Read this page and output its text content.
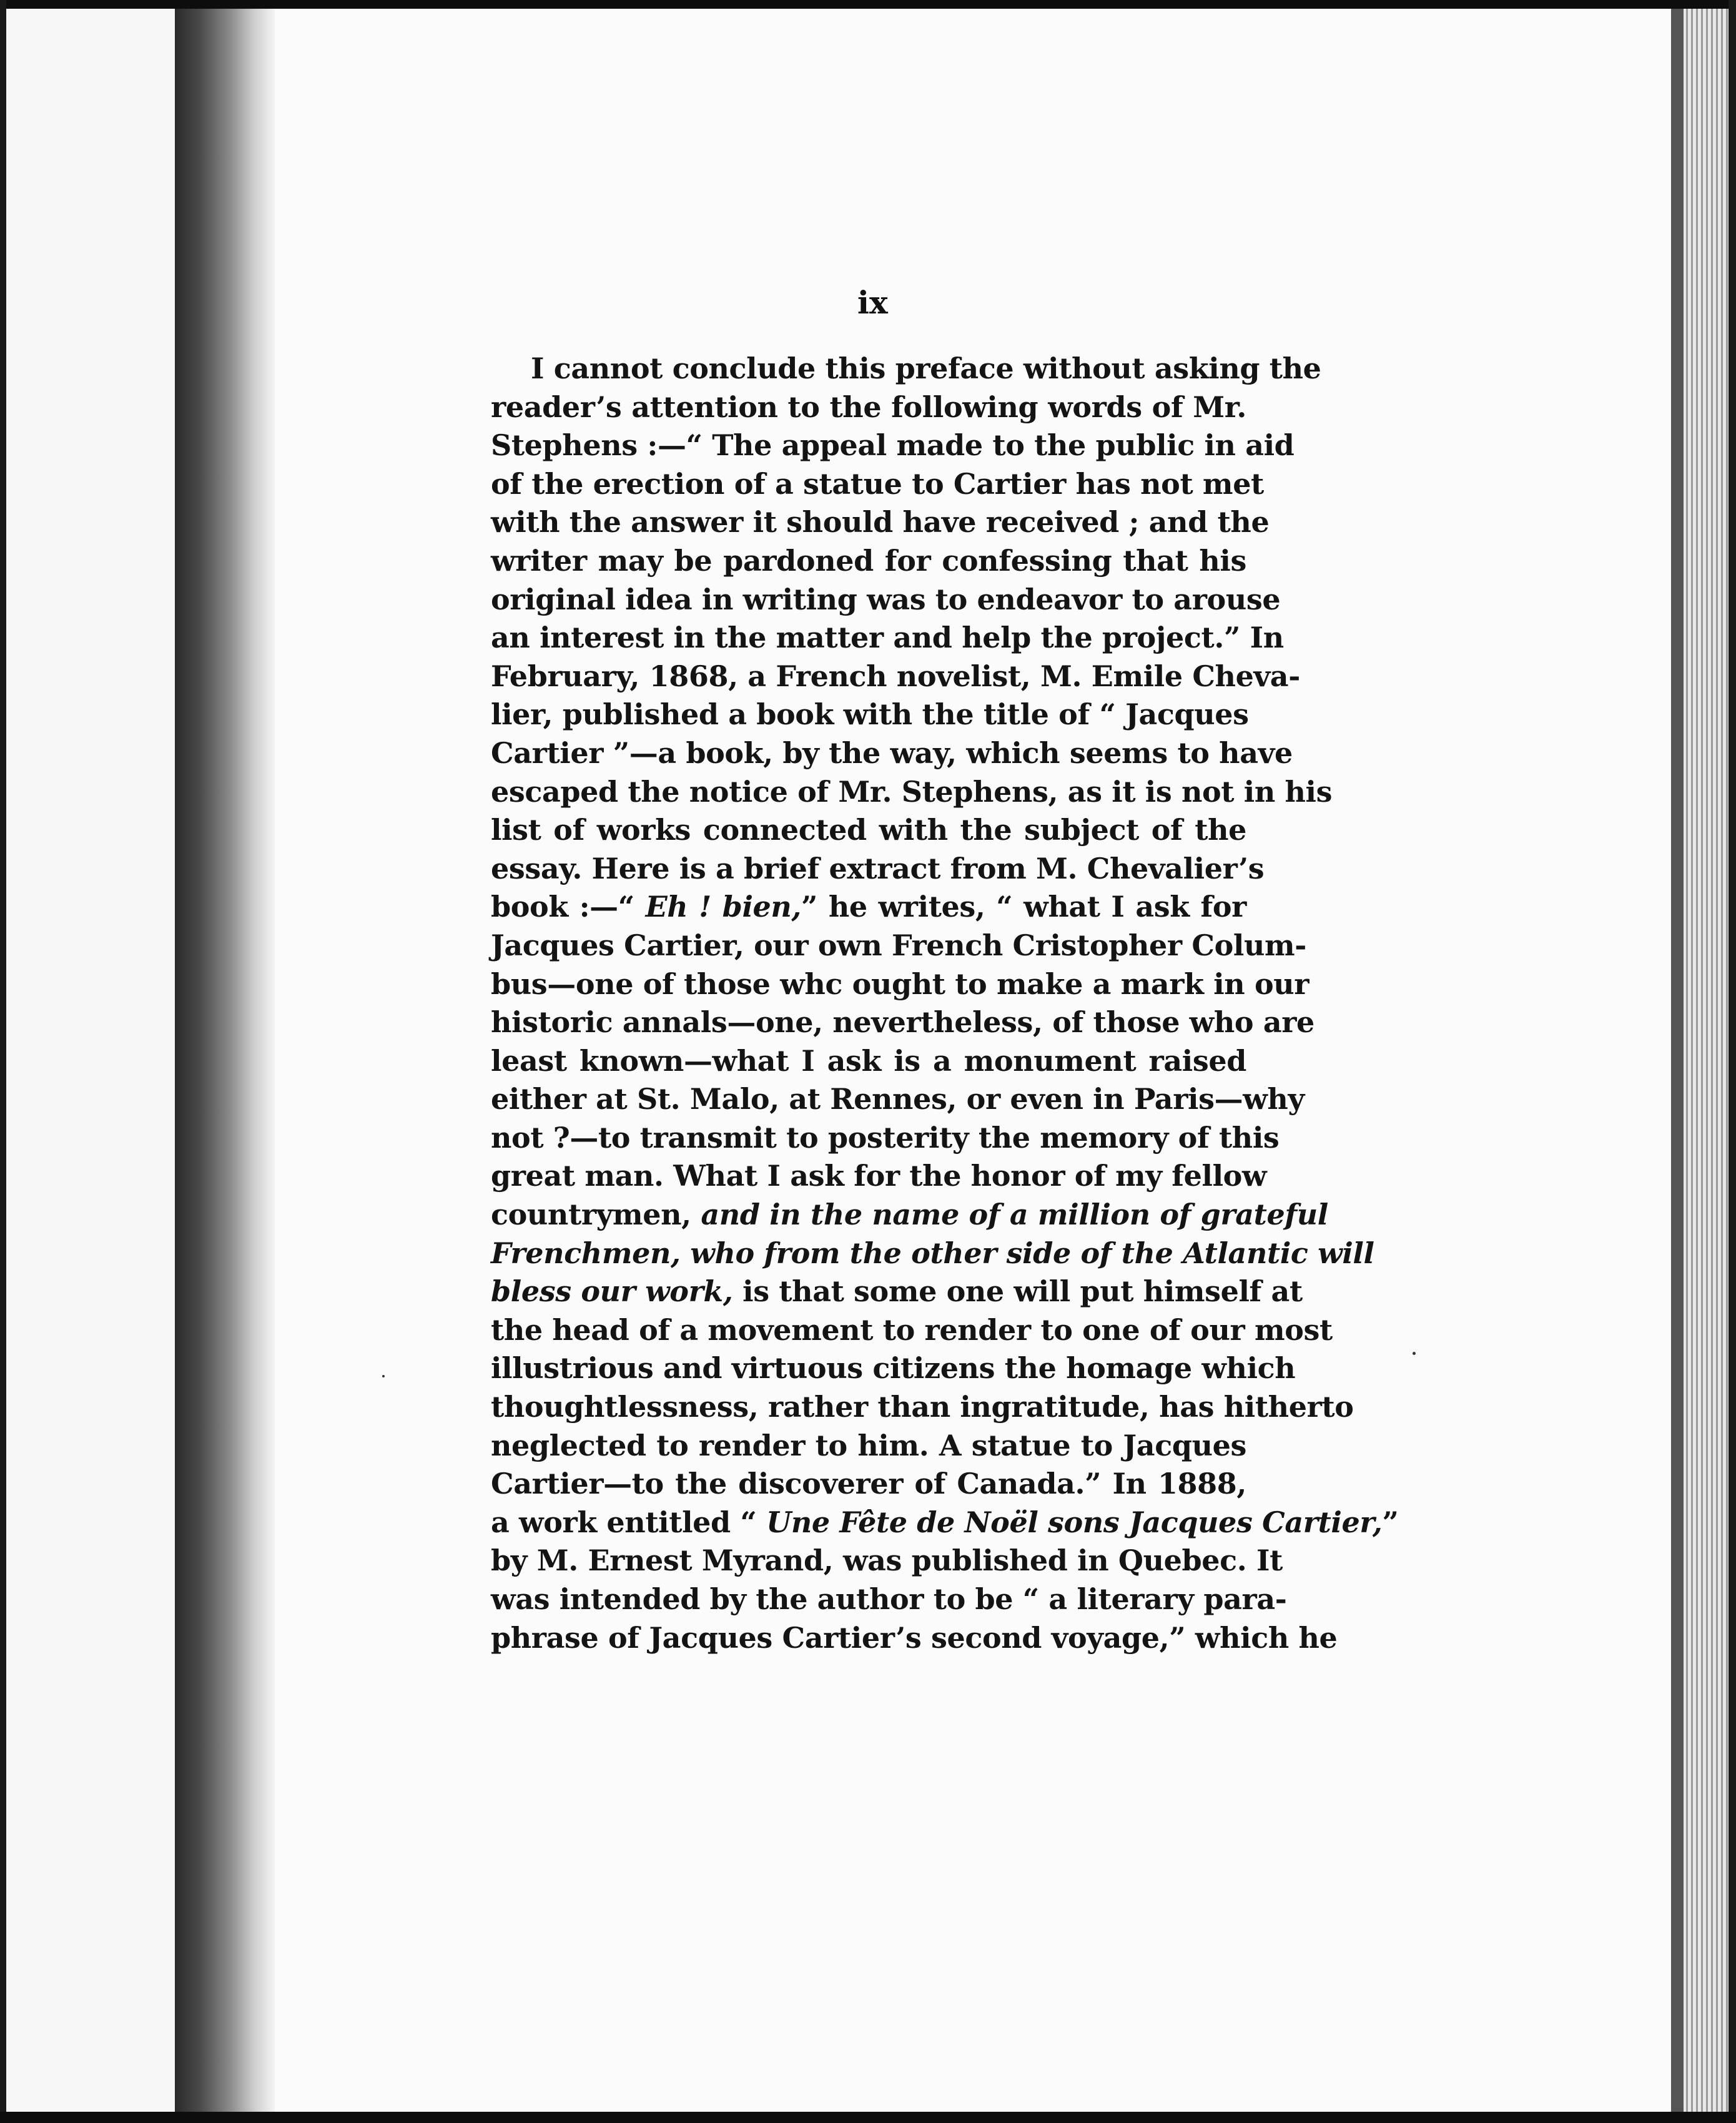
ix
I cannot conclude this preface without asking the
reader’s attention to the following words of Mr.
Stephens :—“ The appeal made to the public in aid
of the erection of a statue to Cartier has not met
with the answer it should have received ; and the
writer may be pardoned for confessing that his
original idea in writing was to endeavor to arouse
an interest in the matter and help the project.” In
February, 1868, a French novelist, M. Emile Cheva-
lier, published a book with the title of “ Jacques
Cartier ”—a book, by the way, which seems to have
escaped the notice of Mr. Stephens, as it is not in his
list of works connected with the subject of the
essay. Here is a brief extract from M. Chevalier’s
book :—“ Eh ! bien,” he writes, “ what I ask for
Jacques Cartier, our own French Cristopher Colum-
bus—one of those whc ought to make a mark in our
historic annals—one, nevertheless, of those who are
least known—what I ask is a monument raised
either at St. Malo, at Rennes, or even in Paris—why
not ?—to transmit to posterity the memory of this
great man. What I ask for the honor of my fellow
countrymen, and in the name of a million of grateful
Frenchmen, who from the other side of the Atlantic will
bless our work, is that some one will put himself at
the head of a movement to render to one of our most
illustrious and virtuous citizens the homage which
thoughtlessness, rather than ingratitude, has hitherto
neglected to render to him. A statue to Jacques
Cartier—to the discoverer of Canada.” In 1888,
a work entitled “ Une Fête de Noël sons Jacques Cartier,”
by M. Ernest Myrand, was published in Quebec. It
was intended by the author to be “ a literary para-
phrase of Jacques Cartier’s second voyage,” which he
